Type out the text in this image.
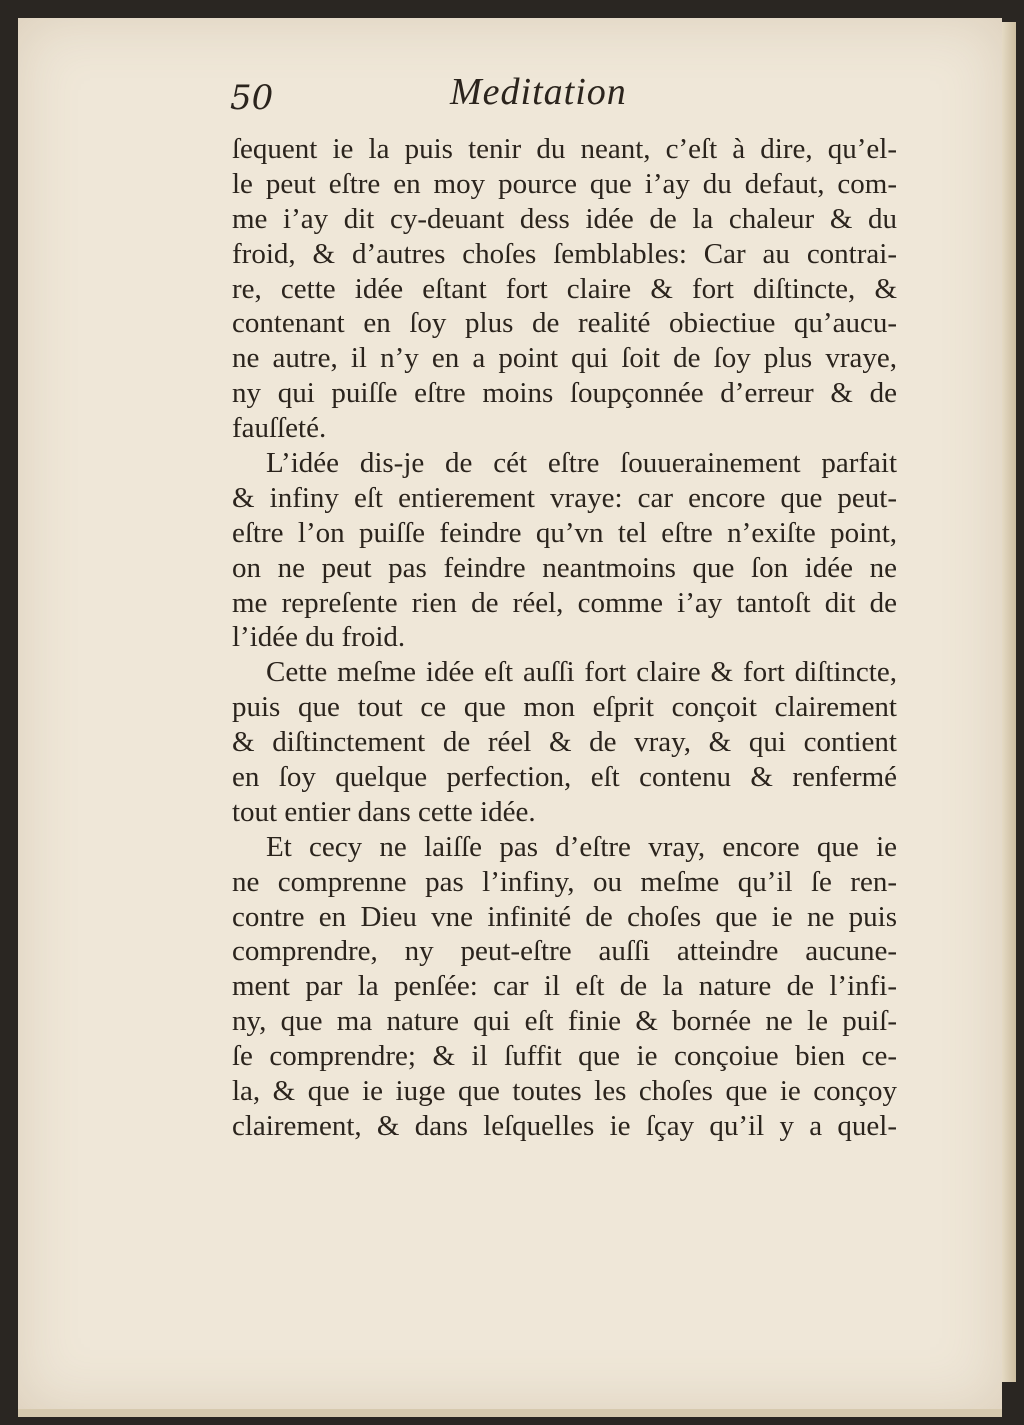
50	Meditation
ſequent ie la puis tenir du neant, c’eſt à dire, qu’el-
le peut eſtre en moy pource que i’ay du defaut, com-
me i’ay dit cy-deuant dess idée de la chaleur & du
froid, & d’autres choſes ſemblables: Car au contrai-
re, cette idée eſtant fort claire & fort diſtincte, &
contenant en ſoy plus de realité obiectiue qu’aucu-
ne autre, il n’y en a point qui ſoit de ſoy plus vraye,
ny qui puiſſe eſtre moins ſoupçonnée d’erreur & de
fauſſeté.
L’idée dis-je de cét eſtre ſouuerainement parfait
& infiny eſt entierement vraye: car encore que peut-
eſtre l’on puiſſe feindre qu’vn tel eſtre n’exiſte point,
on ne peut pas feindre neantmoins que ſon idée ne
me repreſente rien de réel, comme i’ay tantoſt dit de
l’idée du froid.
Cette meſme idée eſt auſſi fort claire & fort diſtincte,
puis que tout ce que mon eſprit conçoit clairement
& diſtinctement de réel & de vray, & qui contient
en ſoy quelque perfection, eſt contenu & renfermé
tout entier dans cette idée.
Et cecy ne laiſſe pas d’eſtre vray, encore que ie
ne comprenne pas l’infiny, ou meſme qu’il ſe ren-
contre en Dieu vne infinité de choſes que ie ne puis
comprendre, ny peut-eſtre auſſi atteindre aucune-
ment par la penſée: car il eſt de la nature de l’infi-
ny, que ma nature qui eſt finie & bornée ne le puiſ-
ſe comprendre; & il ſuffit que ie conçoiue bien ce-
la, & que ie iuge que toutes les choſes que ie conçoy
clairement, & dans leſquelles ie ſçay qu’il y a quel-
